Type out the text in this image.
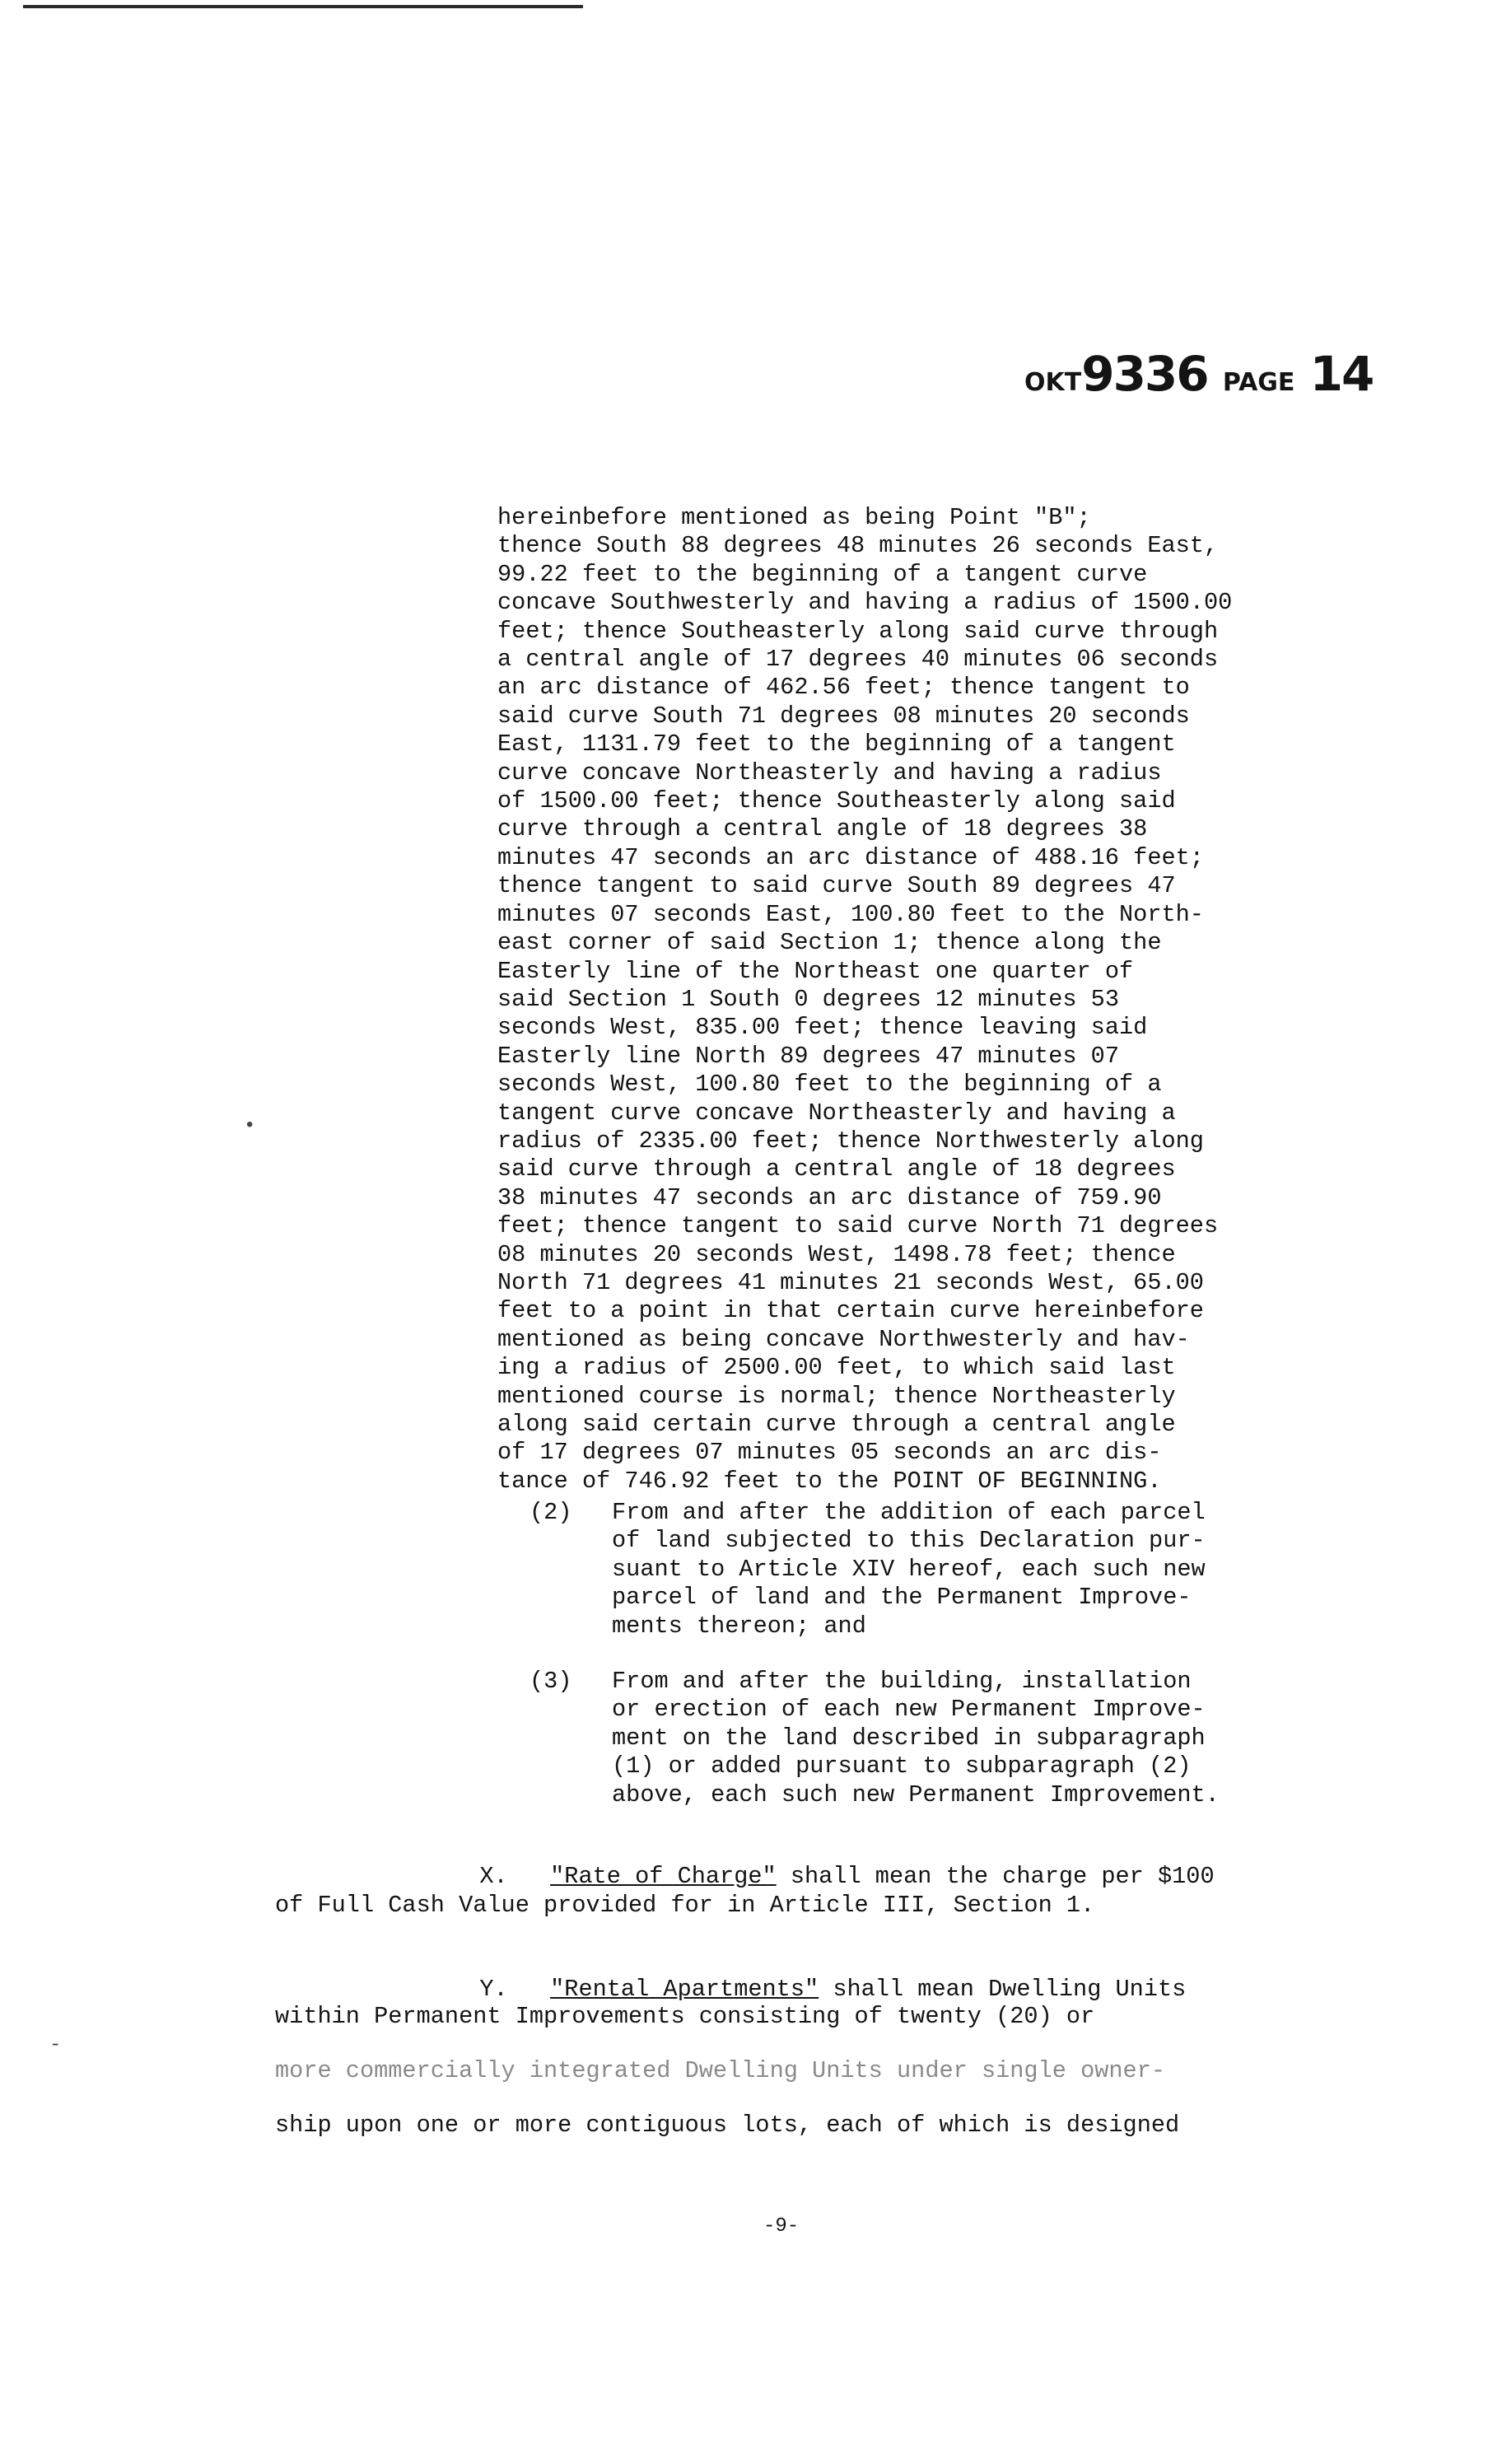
OKT9336 PAGE 14

hereinbefore mentioned as being Point "B";
thence South 88 degrees 48 minutes 26 seconds East,
99.22 feet to the beginning of a tangent curve
concave Southwesterly and having a radius of 1500.00
feet; thence Southeasterly along said curve through
a central angle of 17 degrees 40 minutes 06 seconds
an arc distance of 462.56 feet; thence tangent to
said curve South 71 degrees 08 minutes 20 seconds
East, 1131.79 feet to the beginning of a tangent
curve concave Northeasterly and having a radius
of 1500.00 feet; thence Southeasterly along said
curve through a central angle of 18 degrees 38
minutes 47 seconds an arc distance of 488.16 feet;
thence tangent to said curve South 89 degrees 47
minutes 07 seconds East, 100.80 feet to the North-
east corner of said Section 1; thence along the
Easterly line of the Northeast one quarter of
said Section 1 South 0 degrees 12 minutes 53
seconds West, 835.00 feet; thence leaving said
Easterly line North 89 degrees 47 minutes 07
seconds West, 100.80 feet to the beginning of a
tangent curve concave Northeasterly and having a
radius of 2335.00 feet; thence Northwesterly along
said curve through a central angle of 18 degrees
38 minutes 47 seconds an arc distance of 759.90
feet; thence tangent to said curve North 71 degrees
08 minutes 20 seconds West, 1498.78 feet; thence
North 71 degrees 41 minutes 21 seconds West, 65.00
feet to a point in that certain curve hereinbefore
mentioned as being concave Northwesterly and hav-
ing a radius of 2500.00 feet, to which said last
mentioned course is normal; thence Northeasterly
along said certain curve through a central angle
of 17 degrees 07 minutes 05 seconds an arc dis-
tance of 746.92 feet to the POINT OF BEGINNING.

(2) From and after the addition of each parcel
of land subjected to this Declaration pur-
suant to Article XIV hereof, each such new
parcel of land and the Permanent Improve-
ments thereon; and

(3) From and after the building, installation
or erection of each new Permanent Improve-
ment on the land described in subparagraph
(1) or added pursuant to subparagraph (2)
above, each such new Permanent Improvement.

X. "Rate of Charge" shall mean the charge per $100

of Full Cash Value provided for in Article III, Section 1.

Y. "Rental Apartments" shall mean Dwelling Units

within Permanent Improvements consisting of twenty (20) or
more commercially integrated Dwelling Units under single owner-
ship upon one or more contiguous lots, each of which is designed
-9-
•
-
